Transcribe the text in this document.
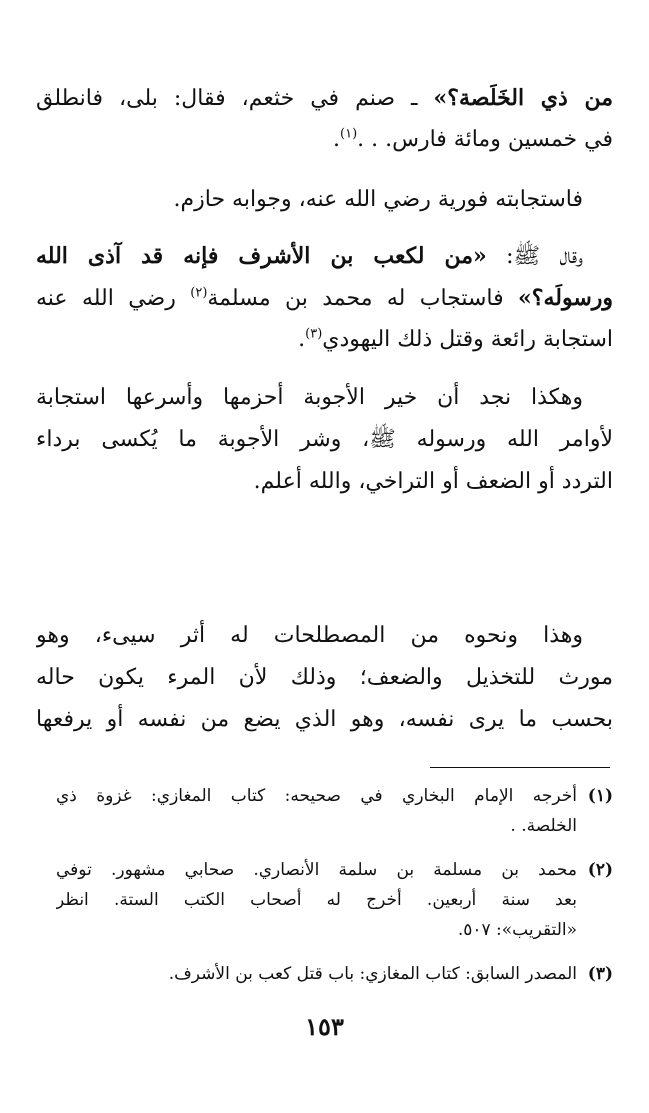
من ذي الخَلَصة؟» ـ صنم في خثعم، فقال: بلى، فانطلق
في خمسين ومائة فارس. . .$^{(١)}$.
فاستجابته فورية رضي الله عنه، وجوابه حازم.
وقال ﷺ: «من لكعب بن الأشرف فإنه قد آذى الله
ورسولَه؟» فاستجاب له محمد بن مسلمة$^{(٢)}$ رضي الله عنه
استجابة رائعة وقتل ذلك اليهودي$^{(٣)}$.
وهكذا نجد أن خير الأجوبة أحزمها وأسرعها استجابة
لأوامر الله ورسوله ﷺ، وشر الأجوبة ما يُكسى برداء
التردد أو الضعف أو التراخي، والله أعلم.
وهذا ونحوه من المصطلحات له أثر سيىء، وهو
مورث للتخذيل والضعف؛ وذلك لأن المرء يكون حاله
بحسب ما يرى نفسه، وهو الذي يضع من نفسه أو يرفعها
(١)
أخرجه الإمام البخاري في صحيحه: كتاب المغازي: غزوة ذي
الخلصة. .
(٢)
محمد بن مسلمة بن سلمة الأنصاري. صحابي مشهور. توفي
بعد سنة أربعين. أخرج له أصحاب الكتب الستة. انظر
«التقريب»: ٥٠٧.
(٣)
المصدر السابق: كتاب المغازي: باب قتل كعب بن الأشرف.
١٥٣
